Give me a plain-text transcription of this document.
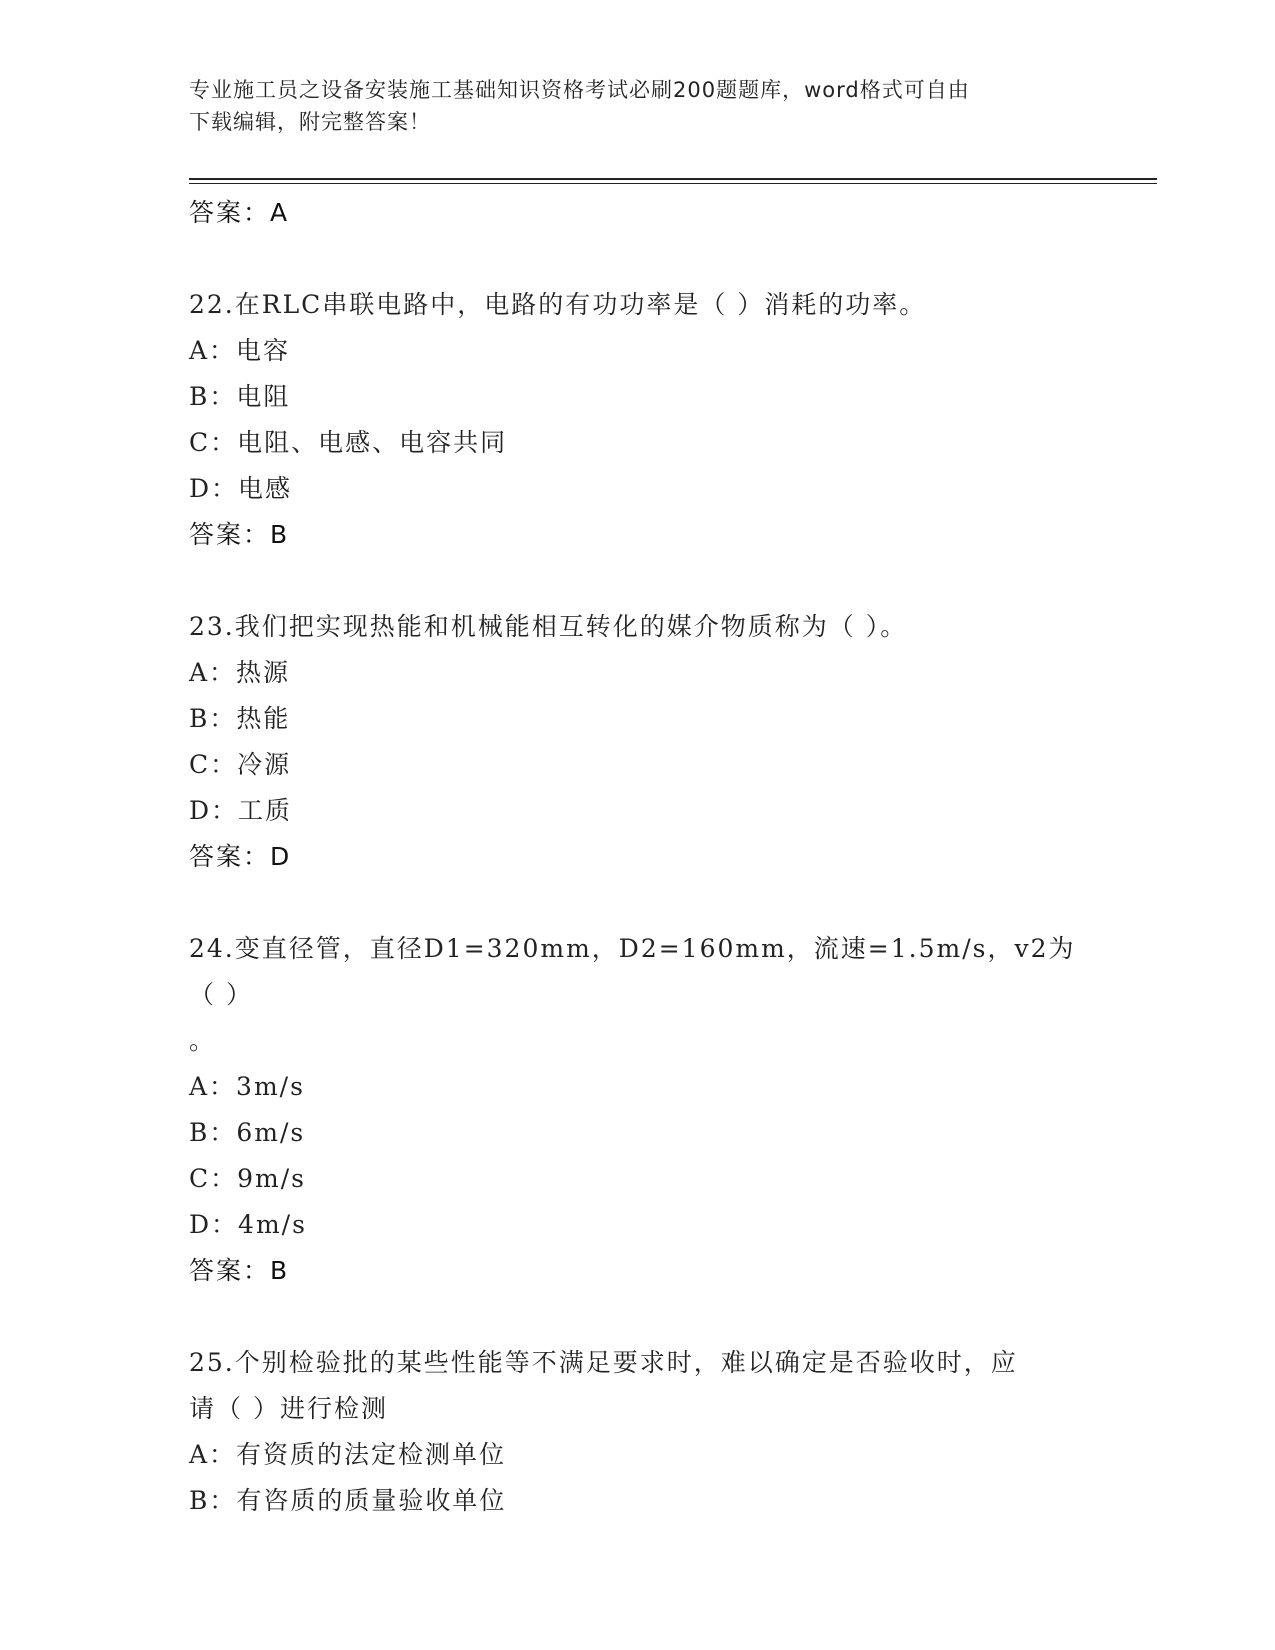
专业施工员之设备安装施工基础知识资格考试必刷200题题库，word格式可自由
下载编辑，附完整答案！
答案：A
22.在RLC串联电路中，电路的有功功率是（ ）消耗的功率。
A：电容
B：电阻
C：电阻、电感、电容共同
D：电感
答案：B
23.我们把实现热能和机械能相互转化的媒介物质称为（ ）。
A：热源
B：热能
C：冷源
D：工质
答案：D
24.变直径管，直径D1=320mm，D2=160mm，流速=1.5m/s，v2为（ ）
。
A：3m/s
B：6m/s
C：9m/s
D：4m/s
答案：B
25.个别检验批的某些性能等不满足要求时，难以确定是否验收时，应
请（ ）进行检测
A：有资质的法定检测单位
B：有咨质的质量验收单位
